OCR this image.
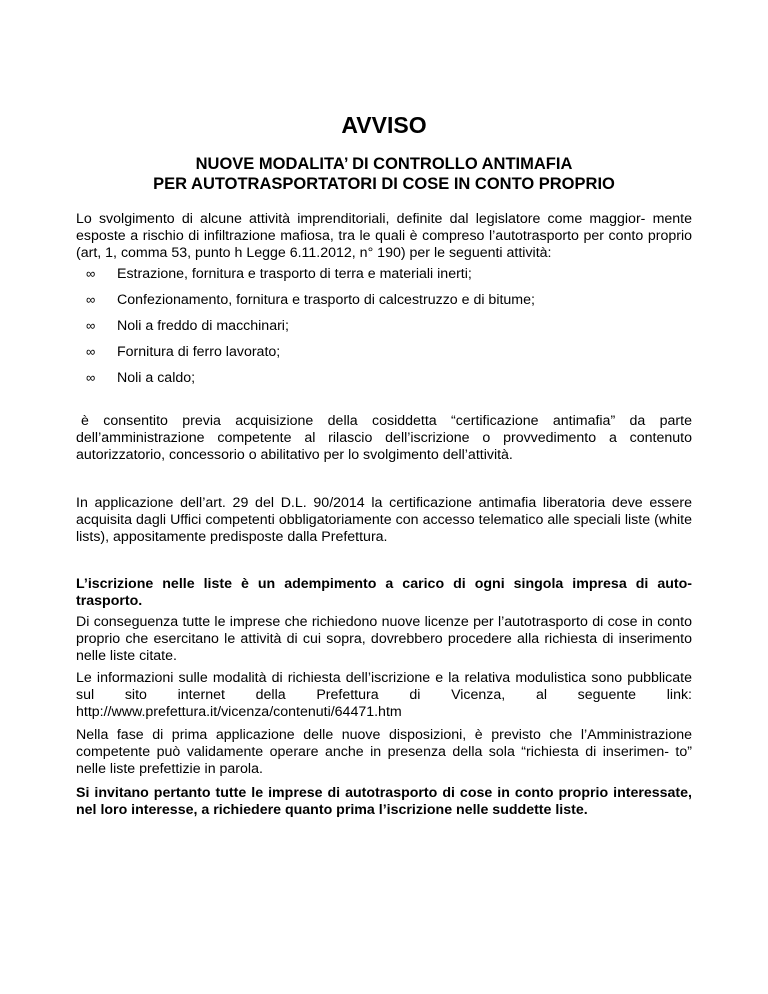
AVVISO
NUOVE MODALITA’ DI CONTROLLO ANTIMAFIA
PER AUTOTRASPORTATORI DI COSE IN CONTO PROPRIO

Lo svolgimento di alcune attività imprenditoriali, definite dal legislatore come maggior- mente esposte a rischio di infiltrazione mafiosa, tra le quali è compreso l’autotrasporto per conto proprio (art, 1, comma 53, punto h Legge 6.11.2012, n° 190) per le seguenti attività:

∞ Estrazione, fornitura e trasporto di terra e materiali inerti;
∞ Confezionamento, fornitura e trasporto di calcestruzzo e di bitume;
∞ Noli a freddo di macchinari;
∞ Fornitura di ferro lavorato;
∞ Noli a caldo;

è consentito previa acquisizione della cosiddetta “certificazione antimafia” da parte dell’amministrazione competente al rilascio dell’iscrizione o provvedimento a contenuto autorizzatorio, concessorio o abilitativo per lo svolgimento dell’attività.

In applicazione dell’art. 29 del D.L. 90/2014 la certificazione antimafia liberatoria deve essere acquisita dagli Uffici competenti obbligatoriamente con accesso telematico alle speciali liste (white lists), appositamente predisposte dalla Prefettura.

L’iscrizione nelle liste è un adempimento a carico di ogni singola impresa di auto- trasporto.

Di conseguenza tutte le imprese che richiedono nuove licenze per l’autotrasporto di cose in conto proprio che esercitano le attività di cui sopra, dovrebbero procedere alla richiesta di inserimento nelle liste citate.

Le informazioni sulle modalità di richiesta dell’iscrizione e la relativa modulistica sono pubblicate sul sito internet della Prefettura di Vicenza, al seguente link:

http://www.prefettura.it/vicenza/contenuti/64471.htm

Nella fase di prima applicazione delle nuove disposizioni, è previsto che l’Amministrazione competente può validamente operare anche in presenza della sola “richiesta di inserimen- to” nelle liste prefettizie in parola.

Si invitano pertanto tutte le imprese di autotrasporto di cose in conto proprio interessate, nel loro interesse, a richiedere quanto prima l’iscrizione nelle suddette liste.
